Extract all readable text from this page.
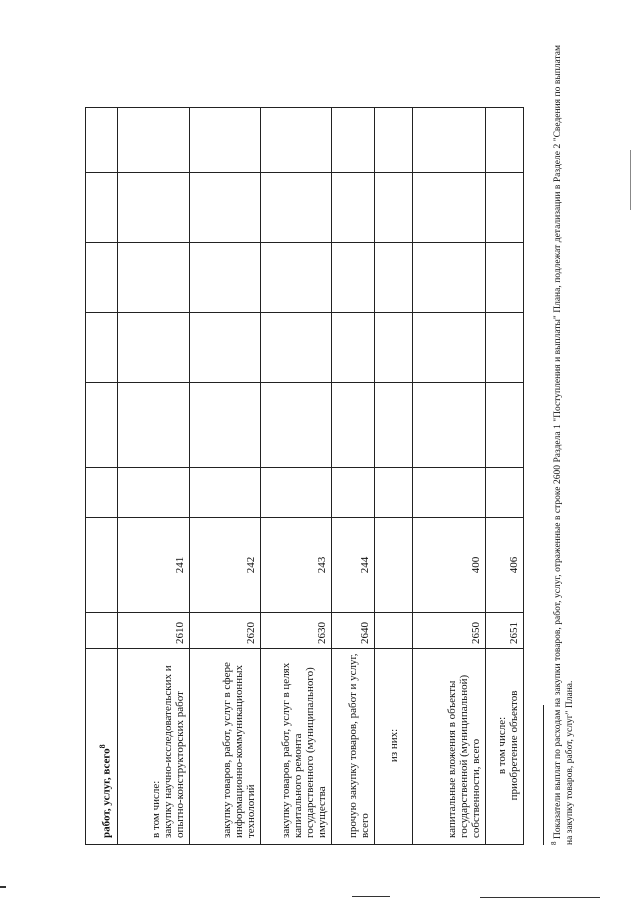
работ, услуг, всего$^8$								
в том числе:
закупку научно-исследовательских и опытно-конструкторских работ	2610	241						
закупку товаров, работ, услуг в сфере информационно-коммуникационных технологий	2620	242						
закупку товаров, работ, услуг в целях капитального ремонта государственного (муниципального) имущества	2630	243						
прочую закупку товаров, работ и услуг, всего	2640	244						
из них:								
капитальные вложения в объекты государственной (муниципальной) собственности, всего	2650	400						

в том числе:
приобретение объектов	2651	406						
$^8$ Показатели выплат по расходам на закупки товаров, работ, услуг, отраженные в строке 2600 Раздела 1 "Поступления и выплаты" Плана, подлежат детализации в Разделе 2 "Сведения по выплатам на закупку товаров, работ, услуг" Плана.
